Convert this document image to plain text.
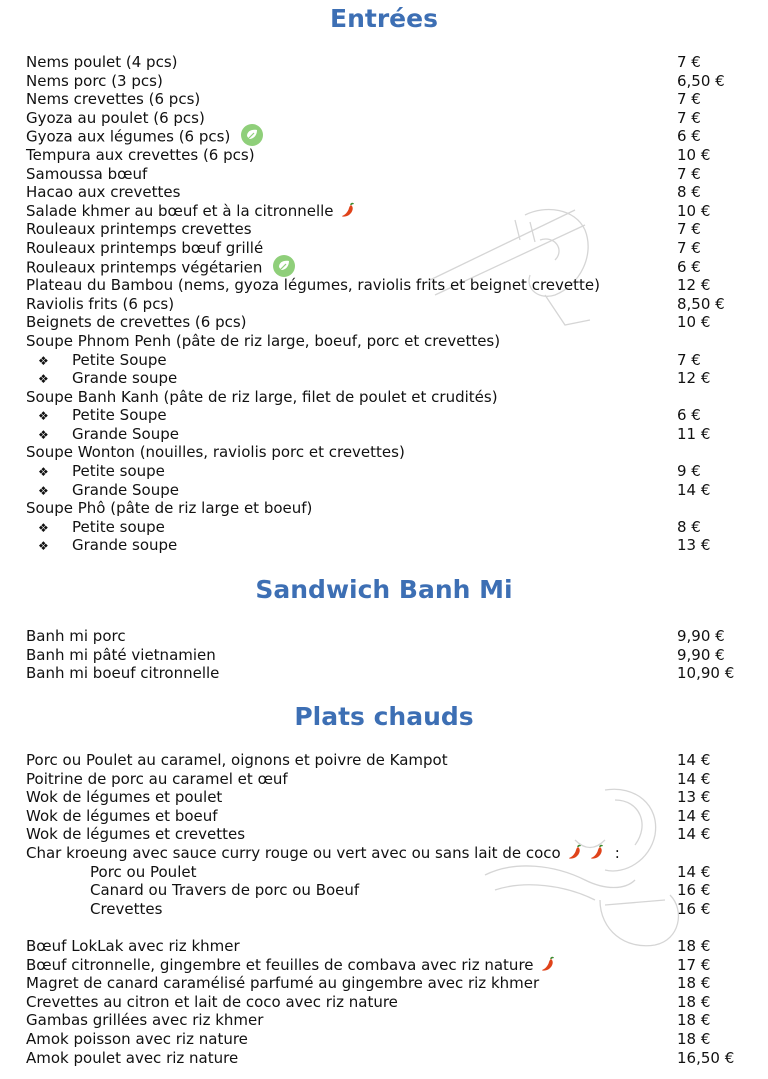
Entrées
Nems poulet (4 pcs)	7 €
Nems porc (3 pcs)	6,50 €
Nems crevettes (6 pcs)	7 €
Gyoza au poulet (6 pcs)	7 €
Gyoza aux légumes (6 pcs)	6 €
Tempura aux crevettes (6 pcs)	10 €
Samoussa bœuf	7 €
Hacao aux crevettes	8 €
Salade khmer au bœuf et à la citronnelle	10 €
Rouleaux printemps crevettes	7 €
Rouleaux printemps bœuf grillé	7 €
Rouleaux printemps végétarien	6 €
Plateau du Bambou (nems, gyoza légumes, raviolis frits et beignet crevette)	12 €
Raviolis frits (6 pcs)	8,50 €
Beignets de crevettes (6 pcs)	10 €
Soupe Phnom Penh (pâte de riz large, boeuf, porc et crevettes)
❖ Petite Soupe	7 €
❖ Grande soupe	12 €
Soupe Banh Kanh (pâte de riz large, filet de poulet et crudités)
❖ Petite Soupe	6 €
❖ Grande Soupe	11 €
Soupe Wonton (nouilles, raviolis porc et crevettes)
❖ Petite soupe	9 €
❖ Grande Soupe	14 €
Soupe Phô (pâte de riz large et boeuf)
❖ Petite soupe	8 €
❖ Grande soupe	13 €
Sandwich Banh Mi
Banh mi porc	9,90 €
Banh mi pâté vietnamien	9,90 €
Banh mi boeuf citronnelle	10,90 €
Plats chauds
Porc ou Poulet au caramel, oignons et poivre de Kampot	14 €
Poitrine de porc au caramel et œuf	14 €
Wok de légumes et poulet	13 €
Wok de légumes et boeuf	14 €
Wok de légumes et crevettes	14 €
Char kroeung avec sauce curry rouge ou vert avec ou sans lait de coco	:
Porc ou Poulet	14 €
Canard ou Travers de porc ou Boeuf	16 €
Crevettes	16 €
Bœuf LokLak avec riz khmer	18 €
Bœuf citronnelle, gingembre et feuilles de combava avec riz nature	17 €
Magret de canard caramélisé parfumé au gingembre avec riz khmer	18 €
Crevettes au citron et lait de coco avec riz nature	18 €
Gambas grillées avec riz khmer	18 €
Amok poisson avec riz nature	18 €
Amok poulet avec riz nature	16,50 €
